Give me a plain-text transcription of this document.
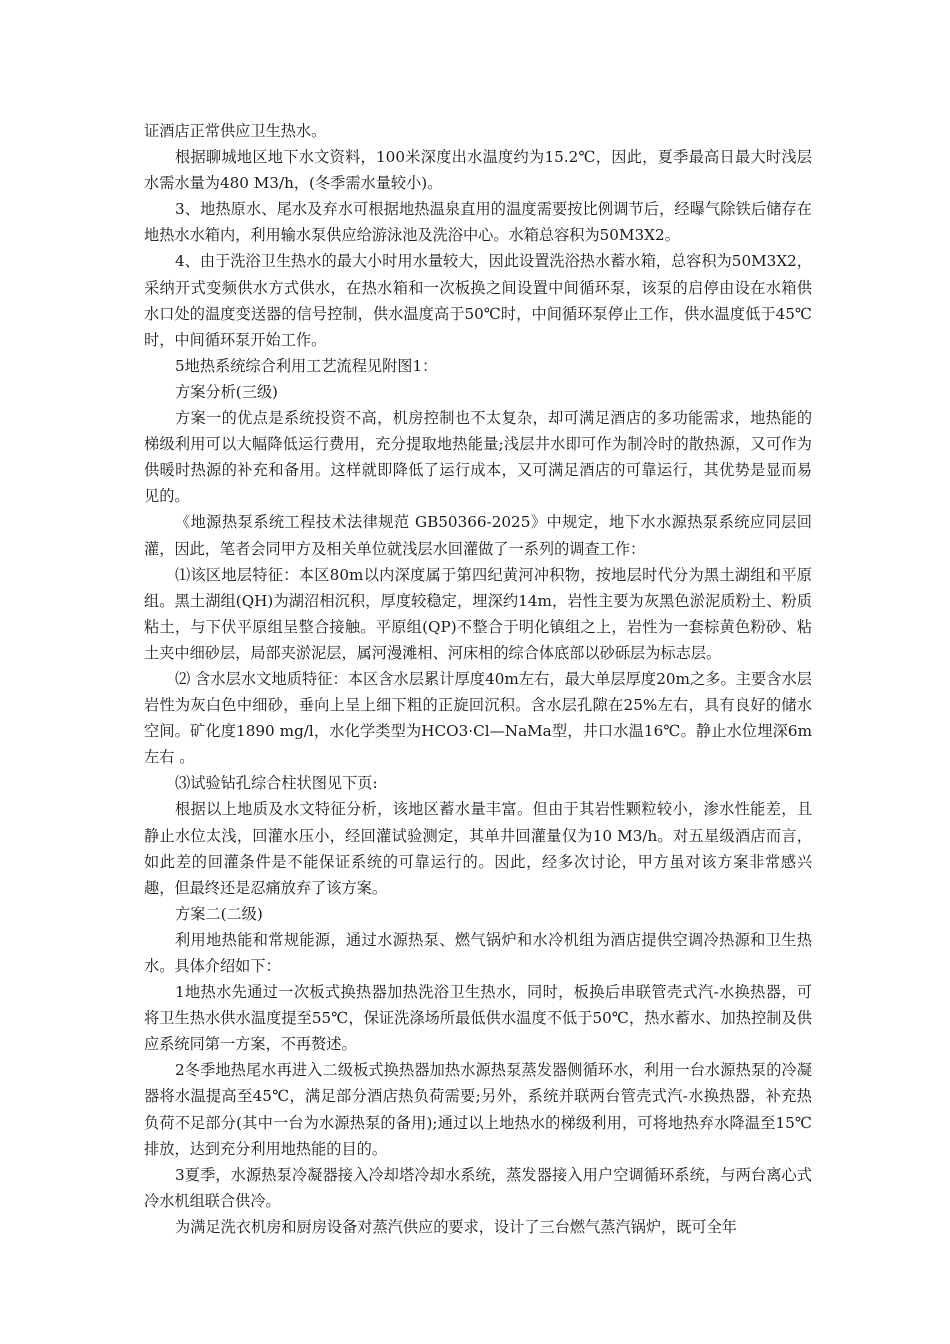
证酒店正常供应卫生热水。

根据聊城地区地下水文资料，100米深度出水温度约为15.2℃，因此，夏季最高日最大时浅层水需水量为480 M3/h，(冬季需水量较小)。

3、地热原水、尾水及弃水可根据地热温泉直用的温度需要按比例调节后，经曝气除铁后储存在地热水水箱内，利用输水泵供应给游泳池及洗浴中心。水箱总容积为50M3X2。

4、由于洗浴卫生热水的最大小时用水量较大，因此设置洗浴热水蓄水箱，总容积为50M3X2，采纳开式变频供水方式供水，在热水箱和一次板换之间设置中间循环泵，该泵的启停由设在水箱供水口处的温度变送器的信号控制，供水温度高于50℃时，中间循环泵停止工作，供水温度低于45℃时，中间循环泵开始工作。

5地热系统综合利用工艺流程见附图1：

方案分析(三级)

方案一的优点是系统投资不高，机房控制也不太复杂，却可满足酒店的多功能需求，地热能的梯级利用可以大幅降低运行费用，充分提取地热能量;浅层井水即可作为制冷时的散热源，又可作为供暖时热源的补充和备用。这样就即降低了运行成本，又可满足酒店的可靠运行，其优势是显而易见的。

《地源热泵系统工程技术法律规范 GB50366-2025》中规定，地下水水源热泵系统应同层回灌，因此，笔者会同甲方及相关单位就浅层水回灌做了一系列的调查工作：

⑴该区地层特征：本区80m以内深度属于第四纪黄河冲积物，按地层时代分为黑土湖组和平原组。黑土湖组(QH)为湖沼相沉积，厚度较稳定，埋深约14m，岩性主要为灰黑色淤泥质粉土、粉质粘土，与下伏平原组呈整合接触。平原组(QP)不整合于明化镇组之上，岩性为一套棕黄色粉砂、粘土夹中细砂层，局部夹淤泥层，属河漫滩相、河床相的综合体底部以砂砾层为标志层。

⑵ 含水层水文地质特征：本区含水层累计厚度40m左右，最大单层厚度20m之多。主要含水层岩性为灰白色中细砂，垂向上呈上细下粗的正旋回沉积。含水层孔隙在25%左右，具有良好的储水空间。矿化度1890 mg/l，水化学类型为HCO3·Cl—NaMa型，井口水温16℃。静止水位埋深6m左右 。

⑶试验钻孔综合柱状图见下页:

根据以上地质及水文特征分析，该地区蓄水量丰富。但由于其岩性颗粒较小，渗水性能差，且静止水位太浅，回灌水压小，经回灌试验测定，其单井回灌量仅为10 M3/h。对五星级酒店而言，如此差的回灌条件是不能保证系统的可靠运行的。因此，经多次讨论，甲方虽对该方案非常感兴趣，但最终还是忍痛放弃了该方案。

方案二(二级)

利用地热能和常规能源，通过水源热泵、燃气锅炉和水冷机组为酒店提供空调冷热源和卫生热水。具体介绍如下：

1地热水先通过一次板式换热器加热洗浴卫生热水，同时，板换后串联管壳式汽-水换热器，可将卫生热水供水温度提至55℃，保证洗涤场所最低供水温度不低于50℃，热水蓄水、加热控制及供应系统同第一方案，不再赘述。

2冬季地热尾水再进入二级板式换热器加热水源热泵蒸发器侧循环水，利用一台水源热泵的冷凝器将水温提高至45℃，满足部分酒店热负荷需要;另外，系统并联两台管壳式汽-水换热器，补充热负荷不足部分(其中一台为水源热泵的备用);通过以上地热水的梯级利用，可将地热弃水降温至15℃排放，达到充分利用地热能的目的。

3夏季，水源热泵冷凝器接入冷却塔冷却水系统，蒸发器接入用户空调循环系统，与两台离心式冷水机组联合供冷。

为满足洗衣机房和厨房设备对蒸汽供应的要求，设计了三台燃气蒸汽锅炉，既可全年
